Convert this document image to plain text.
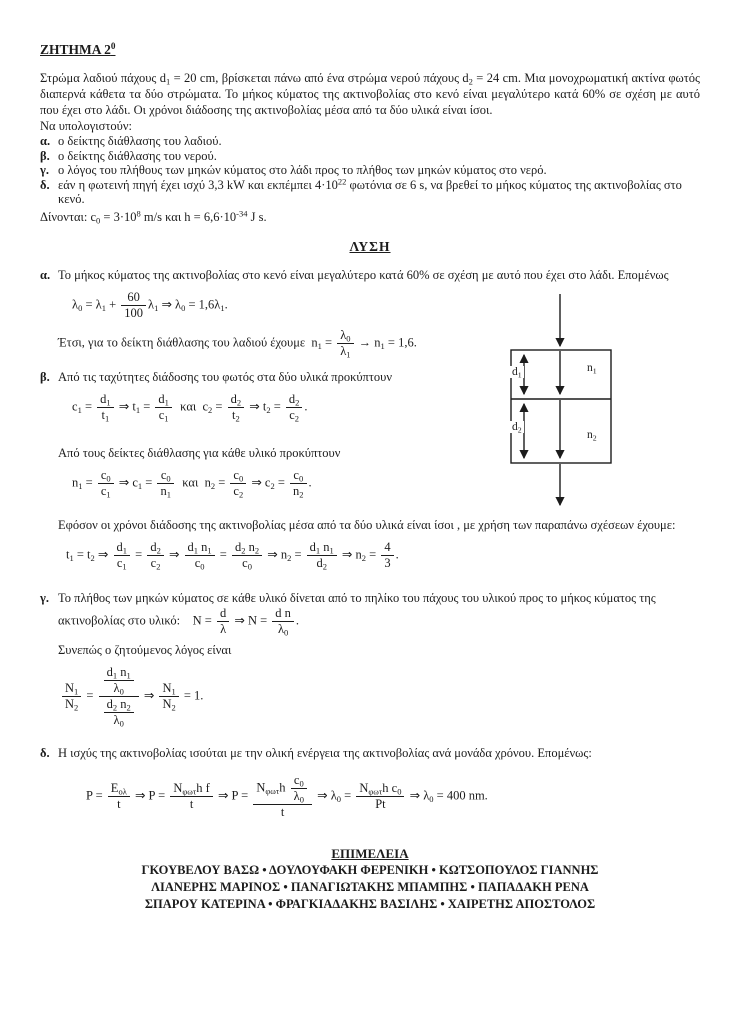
ΖΗΤΗΜΑ $2^0$

Στρώμα λαδιού πάχους $d_1 = 20$ cm, βρίσκεται πάνω από ένα στρώμα νερού πάχους $d_2 = 24$ cm. Μια μονοχρωματική ακτίνα φωτός διαπερνά κάθετα τα δύο στρώματα. Το μήκος κύματος της ακτινοβολίας στο κενό είναι μεγαλύτερο κατά 60% σε σχέση με αυτό που έχει στο λάδι. Οι χρόνοι διάδοσης της ακτινοβολίας μέσα από τα δύο υλικά είναι ίσοι.

Να υπολογιστούν:

α. ο δείκτης διάθλασης του λαδιού.
β. ο δείκτης διάθλασης του νερού.
γ. ο λόγος του πλήθους των μηκών κύματος στο λάδι προς το πλήθος των μηκών κύματος στο νερό.
δ. εάν η φωτεινή πηγή έχει ισχύ 3,3 kW και εκπέμπει $4\cdot 10^{22}$ φωτόνια σε 6 s, να βρεθεί το μήκος κύματος της ακτινοβολίας στο κενό.

Δίνονται: $c_0 = 3\cdot 10^8$ m/s και $h = 6,6\cdot 10^{-34}$ J s.

ΛΥΣΗ
α. Το μήκος κύματος της ακτινοβολίας στο κενό είναι μεγαλύτερο κατά 60% σε σχέση με αυτό που έχει στο λάδι. Επομένως

$\lambda_0 = \lambda_1 + \frac{60}{100} \lambda_1$ ⇒ $\lambda_0 = 1,6\lambda_1$.

Έτσι, για το δείκτη διάθλασης του λαδιού έχουμε  $n_1 = \frac{\lambda_0}{\lambda_1} \to n_1 = 1,6$.

β. Από τις ταχύτητες διάδοσης του φωτός στα δύο υλικά προκύπτουν

$c_1 = \frac{d_1}{t_1}$ ⇒ $t_1 = \frac{d_1}{c_1}$ και  $c_2 = \frac{d_2}{t_2}$ ⇒ $t_2 = \frac{d_2}{c_2}$ .

Από τους δείκτες διάθλασης για κάθε υλικό προκύπτουν

$n_1 = \frac{c_0}{c_1}$ ⇒ $c_1 = \frac{c_0}{n_1}$ και  $n_2 = \frac{c_0}{c_2}$ ⇒ $c_2 = \frac{c_0}{n_2}$ .

Εφόσον οι χρόνοι διάδοσης της ακτινοβολίας μέσα από τα δύο υλικά είναι ίσοι , με χρήση των παραπάνω σχέσεων έχουμε:

$t_1 = t_2$ ⇒ $\frac{d_1}{c_1} = \frac{d_2}{c_2}$ ⇒ $\frac{d_1 n_1}{c_0} = \frac{d_2 n_2}{c_0}$ ⇒ $n_2 = \frac{d_1 n_1}{d_2}$ ⇒ $n_2 = \frac{4}{3}$ .
γ. Το πλήθος των μηκών κύματος σε κάθε υλικό δίνεται από το πηλίκο του πάχους του υλικού προς το μήκος κύματος της ακτινοβολίας στο υλικό:    $N = \frac{d}{\lambda}$ ⇒ $N = \frac{\text{d n}}{\lambda_0}$ .

Συνεπώς ο ζητούμενος λόγος είναι

$\frac{N_1}{N_2} = \frac{\frac{d_1 n_1}{\lambda_0}}{\frac{d_2 n_2}{\lambda_0}}$ ⇒ $\frac{N_1}{N_2} = 1$.
δ. Η ισχύς της ακτινοβολίας ισούται με την ολική ενέργεια της ακτινοβολίας ανά μονάδα χρόνου. Επομένως:

P =
$E_{o\lambda}$
t
⇒ P =
$N_{\varphi\omega\tau}h$ f
t
⇒ P =
$N_{\varphi\omega\tau}h \frac{c_0}{\lambda_0}$
t
⇒ $\lambda_0$ =
$N_{\varphi\omega\tau}h$ $c_0$
Pt
⇒ $\lambda_0 = 400$ nm.
ΕΠΙΜΕΛΕΙΑ
ΓΚΟΥΒΕΛΟΥ ΒΑΣΩ • ΔΟΥΛΟΥΦΑΚΗ ΦΕΡΕΝΙΚΗ • ΚΩΤΣΟΠΟΥΛΟΣ ΓΙΑΝΝΗΣ
ΛΙΑΝΕΡΗΣ ΜΑΡΙΝΟΣ • ΠΑΝΑΓΙΩΤΑΚΗΣ ΜΠΑΜΠΗΣ • ΠΑΠΑΔΑΚΗ ΡΕΝΑ
ΣΠΑΡΟΥ ΚΑΤΕΡΙΝΑ • ΦΡΑΓΚΙΑΔΑΚΗΣ ΒΑΣΙΛΗΣ • ΧΑΙΡΕΤΗΣ ΑΠΟΣΤΟΛΟΣ
$d_1$
$d_2$
$n_1$
$n_2$
